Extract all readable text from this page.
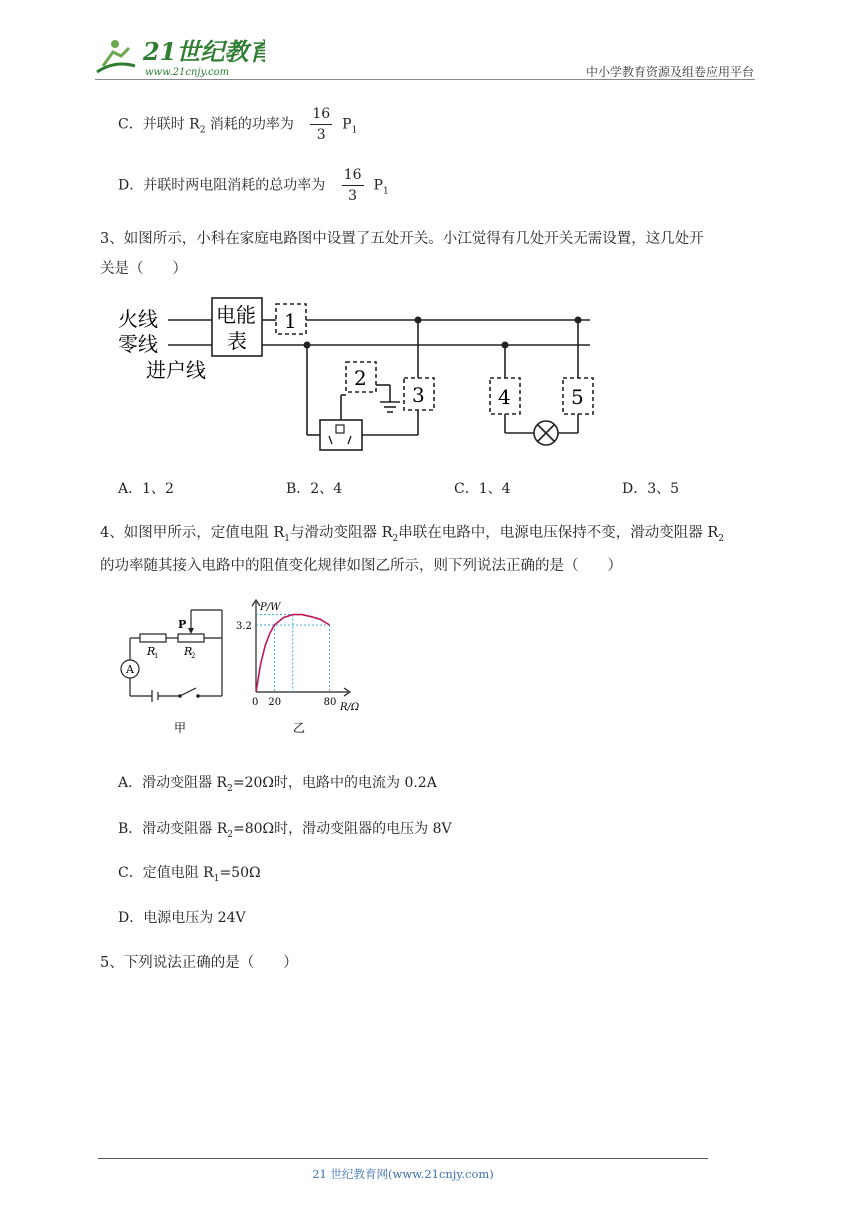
21世纪教育
www.21cnjy.com	中小学教育资源及组卷应用平台
C．并联时 $R_2$ 消耗的功率为 $\frac{16}{3} P_1$
D．并联时两电阻消耗的总功率为 $\frac{16}{3} P_1$
3、如图所示，小科在家庭电路图中设置了五处开关。小江觉得有几处开关无需设置，这几处开
关是（　　）
火线
零线
进户线
电能
表
1
2
3	4	5
A．1、2	B．2、4	C．1、4	D．3、5
4、如图甲所示，定值电阻 $R_1$与滑动变阻器 $R_2$串联在电路中，电源电压保持不变，滑动变阻器 $R_2$
的功率随其接入电路中的阻值变化规律如图乙所示，则下列说法正确的是（　　）
A
P
R
1 R
2
甲
P/W
R/Ω
0 20	80
3.2
乙
A．滑动变阻器 $R_2=20\Omega$时，电路中的电流为 0.2A
B．滑动变阻器 $R_2=80\Omega$时，滑动变阻器的电压为 8V
C．定值电阻 $R_1=50\Omega$
D．电源电压为 24V
5、下列说法正确的是（　　）
21 世纪教育网(www.21cnjy.com)
